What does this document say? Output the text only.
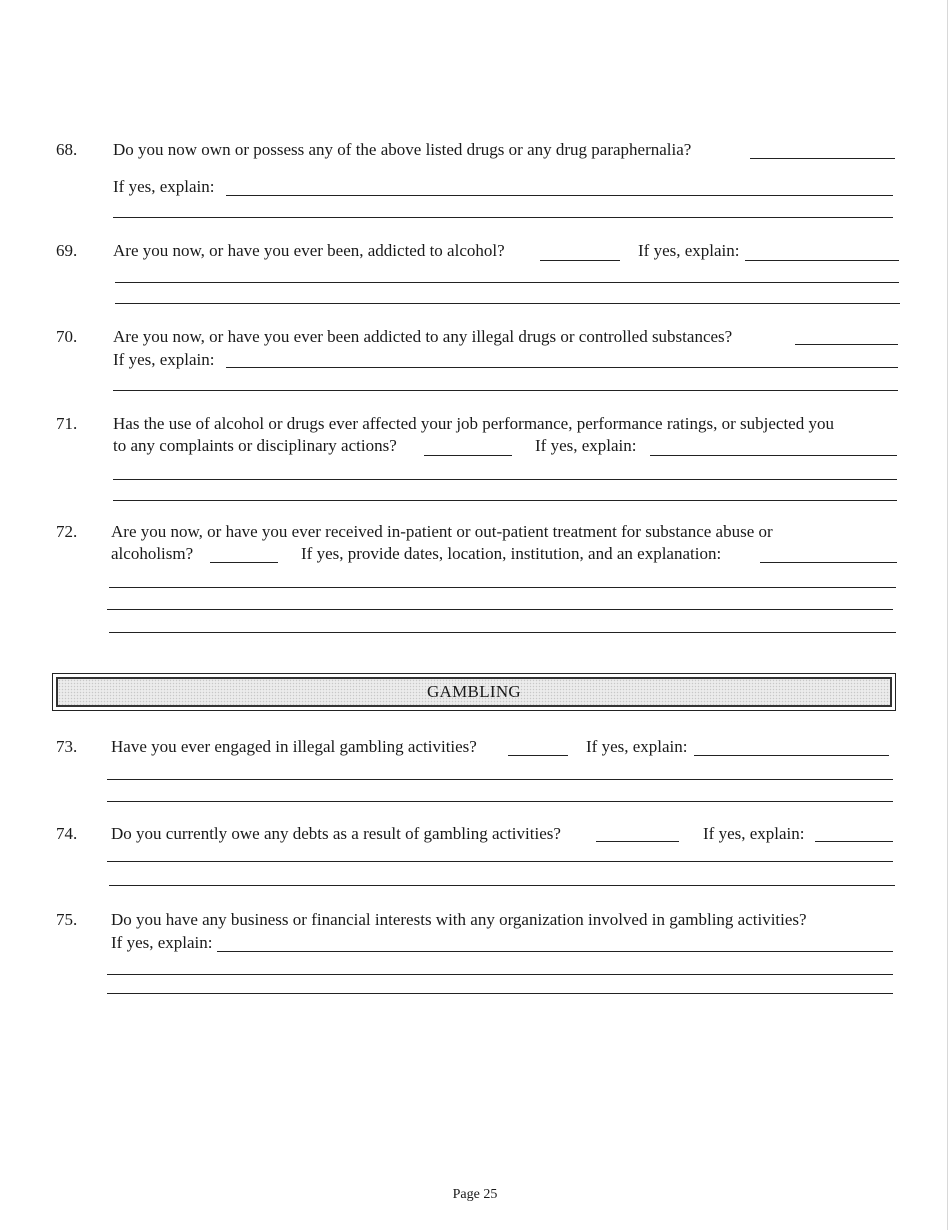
68. Do you now own or possess any of the above listed drugs or any drug paraphernalia?
If yes, explain:
69. Are you now, or have you ever been, addicted to alcohol?	If yes, explain:
70. Are you now, or have you ever been addicted to any illegal drugs or controlled substances?
If yes, explain:
71. Has the use of alcohol or drugs ever affected your job performance, performance ratings, or subjected you
to any complaints or disciplinary actions?	If yes, explain:
72. Are you now, or have you ever received in-patient or out-patient treatment for substance abuse or
alcoholism?	If yes, provide dates, location, institution, and an explanation:
GAMBLING
73. Have you ever engaged in illegal gambling activities?	If yes, explain:
74. Do you currently owe any debts as a result of gambling activities?	If yes, explain:
75. Do you have any business or financial interests with any organization involved in gambling activities?
If yes, explain:
Page 25
